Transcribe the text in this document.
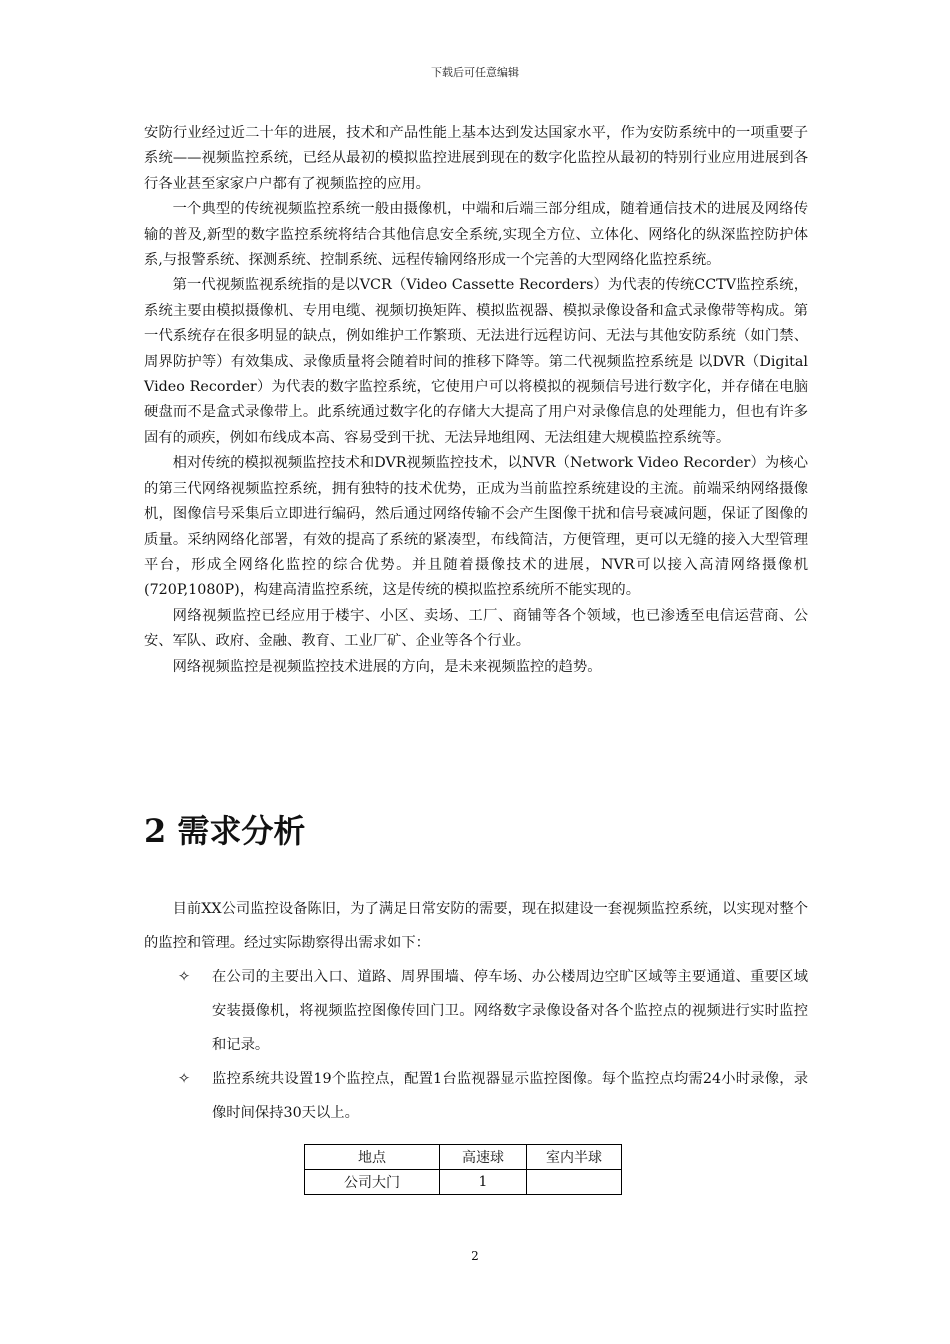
下载后可任意编辑

安防行业经过近二十年的进展，技术和产品性能上基本达到发达国家水平，作为安防系统中的一项重要子系统——视频监控系统，已经从最初的模拟监控进展到现在的数字化监控从最初的特别行业应用进展到各行各业甚至家家户户都有了视频监控的应用。

一个典型的传统视频监控系统一般由摄像机，中端和后端三部分组成，随着通信技术的进展及网络传输的普及,新型的数字监控系统将结合其他信息安全系统,实现全方位、立体化、网络化的纵深监控防护体系,与报警系统、探测系统、控制系统、远程传输网络形成一个完善的大型网络化监控系统。

第一代视频监视系统指的是以VCR（Video Cassette Recorders）为代表的传统CCTV监控系统，系统主要由模拟摄像机、专用电缆、视频切换矩阵、模拟监视器、模拟录像设备和盒式录像带等构成。第一代系统存在很多明显的缺点，例如维护工作繁琐、无法进行远程访问、无法与其他安防系统（如门禁、周界防护等）有效集成、录像质量将会随着时间的推移下降等。第二代视频监控系统是 以DVR（Digital Video Recorder）为代表的数字监控系统，它使用户可以将模拟的视频信号进行数字化，并存储在电脑硬盘而不是盒式录像带上。此系统通过数字化的存储大大提高了用户对录像信息的处理能力，但也有许多固有的顽疾，例如布线成本高、容易受到干扰、无法异地组网、无法组建大规模监控系统等。

相对传统的模拟视频监控技术和DVR视频监控技术，以NVR（Network Video Recorder）为核心的第三代网络视频监控系统，拥有独特的技术优势，正成为当前监控系统建设的主流。前端采纳网络摄像机，图像信号采集后立即进行编码，然后通过网络传输不会产生图像干扰和信号衰减问题，保证了图像的质量。采纳网络化部署，有效的提高了系统的紧凑型，布线简洁，方便管理，更可以无缝的接入大型管理平台，形成全网络化监控的综合优势。并且随着摄像技术的进展，NVR可以接入高清网络摄像机(720P,1080P)，构建高清监控系统，这是传统的模拟监控系统所不能实现的。

网络视频监控已经应用于楼宇、小区、卖场、工厂、商铺等各个领域，也已渗透至电信运营商、公安、军队、政府、金融、教育、工业厂矿、企业等各个行业。

网络视频监控是视频监控技术进展的方向，是未来视频监控的趋势。

2 需求分析

目前XX公司监控设备陈旧，为了满足日常安防的需要，现在拟建设一套视频监控系统，以实现对整个的监控和管理。经过实际勘察得出需求如下：

✧ 在公司的主要出入口、道路、周界围墙、停车场、办公楼周边空旷区域等主要通道、重要区域安装摄像机，将视频监控图像传回门卫。网络数字录像设备对各个监控点的视频进行实时监控和记录。
✧ 监控系统共设置19个监控点，配置1台监视器显示监控图像。每个监控点均需24小时录像，录像时间保持30天以上。
地点	高速球	室内半球
公司大门	1	
2
